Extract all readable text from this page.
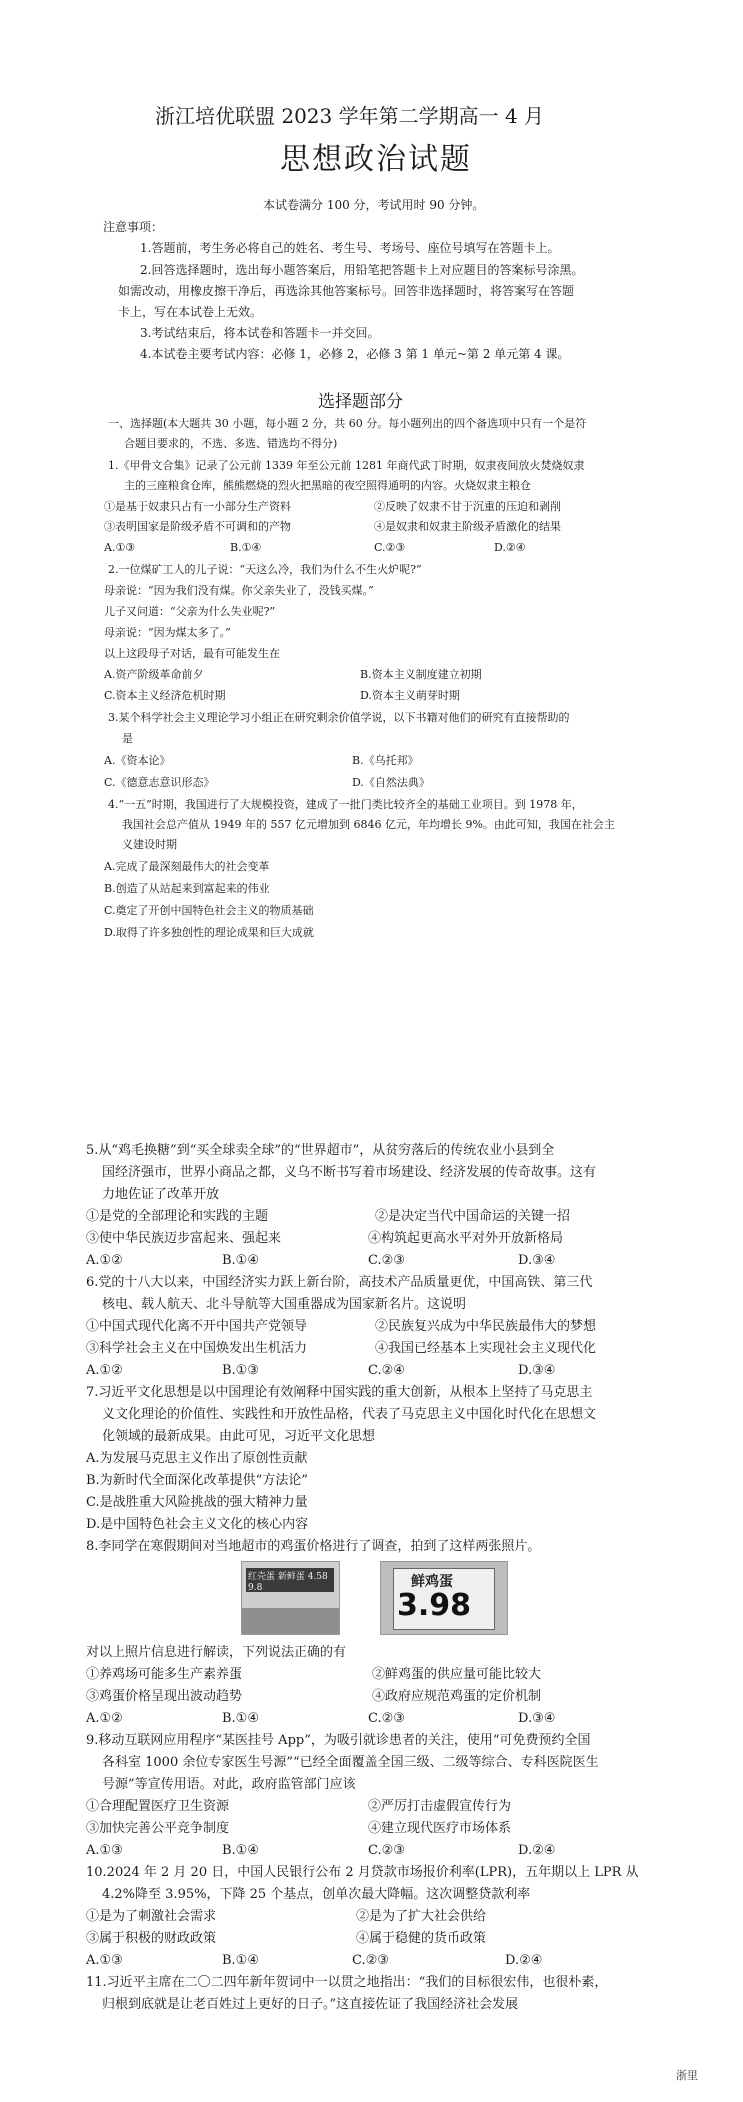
浙江培优联盟 2023 学年第二学期高一 4 月
思想政治试题
本试卷满分 100 分，考试用时 90 分钟。
注意事项：
1.答题前，考生务必将自己的姓名、考生号、考场号、座位号填写在答题卡上。
2.回答选择题时，选出每小题答案后，用铅笔把答题卡上对应题目的答案标号涂黑。
如需改动，用橡皮擦干净后，再选涂其他答案标号。回答非选择题时，将答案写在答题
卡上，写在本试卷上无效。
3.考试结束后，将本试卷和答题卡一并交回。
4.本试卷主要考试内容：必修 1，必修 2，必修 3 第 1 单元~第 2 单元第 4 课。
选择题部分
一、选择题(本大题共 30 小题，每小题 2 分，共 60 分。每小题列出的四个备选项中只有一个是符
合题目要求的，不选、多选、错选均不得分)
1.《甲骨文合集》记录了公元前 1339 年至公元前 1281 年商代武丁时期，奴隶夜间放火焚烧奴隶
主的三座粮食仓库，熊熊燃烧的烈火把黑暗的夜空照得通明的内容。火烧奴隶主粮仓
①是基于奴隶只占有一小部分生产资料	②反映了奴隶不甘于沉重的压迫和剥削
③表明国家是阶级矛盾不可调和的产物	④是奴隶和奴隶主阶级矛盾激化的结果
A.①③	B.①④	C.②③	D.②④
2.一位煤矿工人的儿子说：“天这么冷，我们为什么不生火炉呢?”
母亲说：“因为我们没有煤。你父亲失业了，没钱买煤。”
儿子又问道：“父亲为什么失业呢?”
母亲说：“因为煤太多了。”
以上这段母子对话，最有可能发生在
A.资产阶级革命前夕	B.资本主义制度建立初期
C.资本主义经济危机时期	D.资本主义萌芽时期
3.某个科学社会主义理论学习小组正在研究剩余价值学说，以下书籍对他们的研究有直接帮助的
是
A.《资本论》	B.《乌托邦》
C.《德意志意识形态》	D.《自然法典》
4.“一五”时期，我国进行了大规模投资，建成了一批门类比较齐全的基础工业项目。到 1978 年，
我国社会总产值从 1949 年的 557 亿元增加到 6846 亿元，年均增长 9%。由此可知，我国在社会主
义建设时期
A.完成了最深刻最伟大的社会变革
B.创造了从站起来到富起来的伟业
C.奠定了开创中国特色社会主义的物质基础
D.取得了许多独创性的理论成果和巨大成就
5.从“鸡毛换糖”到“买全球卖全球”的“世界超市”，从贫穷落后的传统农业小县到全
国经济强市，世界小商品之都，义乌不断书写着市场建设、经济发展的传奇故事。这有
力地佐证了改革开放
①是党的全部理论和实践的主题	②是决定当代中国命运的关键一招
③使中华民族迈步富起来、强起来	④构筑起更高水平对外开放新格局
A.①②	B.①④	C.②③	D.③④
6.党的十八大以来，中国经济实力跃上新台阶，高技术产品质量更优，中国高铁、第三代
核电、载人航天、北斗导航等大国重器成为国家新名片。这说明
①中国式现代化离不开中国共产党领导	②民族复兴成为中华民族最伟大的梦想
③科学社会主义在中国焕发出生机活力	④我国已经基本上实现社会主义现代化
A.①②	B.①③	C.②④	D.③④
7.习近平文化思想是以中国理论有效阐释中国实践的重大创新，从根本上坚持了马克思主
义文化理论的价值性、实践性和开放性品格，代表了马克思主义中国化时代化在思想文
化领域的最新成果。由此可见，习近平文化思想
A.为发展马克思主义作出了原创性贡献
B.为新时代全面深化改革提供“方法论”
C.是战胜重大风险挑战的强大精神力量
D.是中国特色社会主义文化的核心内容
8.李同学在寒假期间对当地超市的鸡蛋价格进行了调查，拍到了这样两张照片。
红壳蛋 新鲜蛋 4.58 9.8	鲜鸡蛋
3.98
对以上照片信息进行解读，下列说法正确的有
①养鸡场可能多生产素养蛋	②鲜鸡蛋的供应量可能比较大
③鸡蛋价格呈现出波动趋势	④政府应规范鸡蛋的定价机制
A.①②	B.①④	C.②③	D.③④
9.移动互联网应用程序“某医挂号 App”，为吸引就诊患者的关注，使用“可免费预约全国
各科室 1000 余位专家医生号源”“已经全面覆盖全国三级、二级等综合、专科医院医生
号源”等宣传用语。对此，政府监管部门应该
①合理配置医疗卫生资源	②严厉打击虚假宣传行为
③加快完善公平竞争制度	④建立现代医疗市场体系
A.①③	B.①④	C.②③	D.②④
10.2024 年 2 月 20 日，中国人民银行公布 2 月贷款市场报价利率(LPR)，五年期以上 LPR 从
4.2%降至 3.95%，下降 25 个基点，创单次最大降幅。这次调整贷款利率
①是为了刺激社会需求	②是为了扩大社会供给
③属于积极的财政政策	④属于稳健的货币政策
A.①③	B.①④	C.②③	D.②④
11.习近平主席在二〇二四年新年贺词中一以贯之地指出：“我们的目标很宏伟，也很朴素，
归根到底就是让老百姓过上更好的日子。”这直接佐证了我国经济社会发展
浙里
